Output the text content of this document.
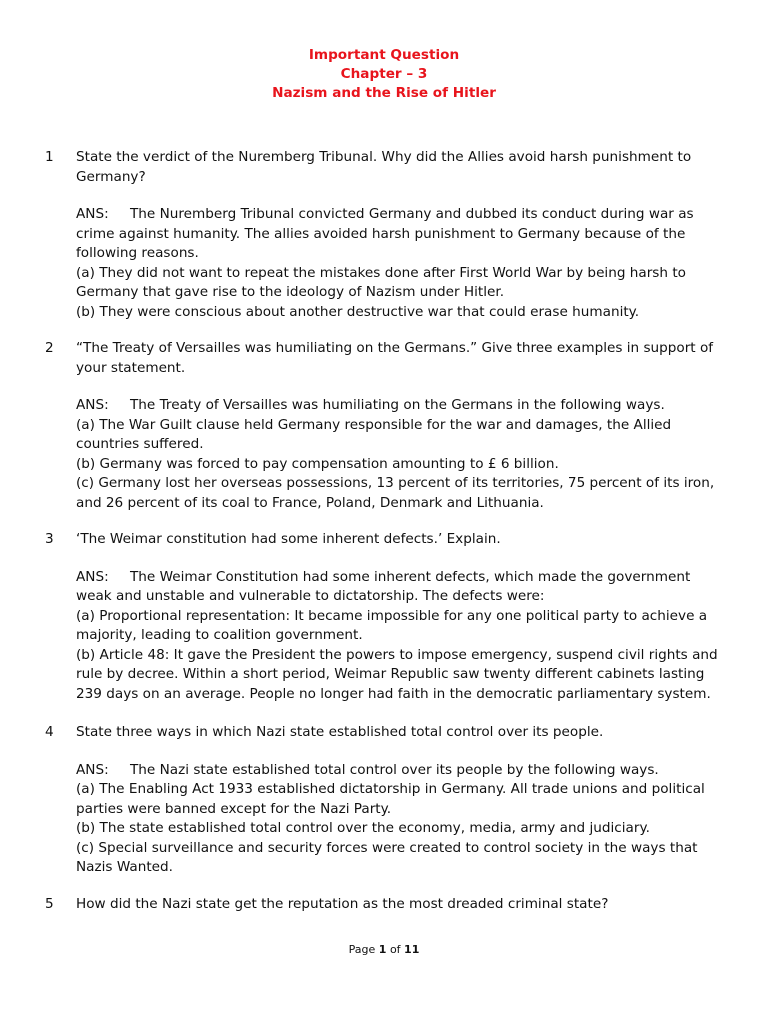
Important Question
Chapter – 3
Nazism and the Rise of Hitler
1 State the verdict of the Nuremberg Tribunal. Why did the Allies avoid harsh punishment to
Germany?
ANS: The Nuremberg Tribunal convicted Germany and dubbed its conduct during war as
crime against humanity. The allies avoided harsh punishment to Germany because of the
following reasons.
(a) They did not want to repeat the mistakes done after First World War by being harsh to
Germany that gave rise to the ideology of Nazism under Hitler.
(b) They were conscious about another destructive war that could erase humanity.
2 “The Treaty of Versailles was humiliating on the Germans.” Give three examples in support of
your statement.
ANS: The Treaty of Versailles was humiliating on the Germans in the following ways.
(a) The War Guilt clause held Germany responsible for the war and damages, the Allied
countries suffered.
(b) Germany was forced to pay compensation amounting to £ 6 billion.
(c) Germany lost her overseas possessions, 13 percent of its territories, 75 percent of its iron,
and 26 percent of its coal to France, Poland, Denmark and Lithuania.
3 ‘The Weimar constitution had some inherent defects.’ Explain.
ANS: The Weimar Constitution had some inherent defects, which made the government
weak and unstable and vulnerable to dictatorship. The defects were:
(a) Proportional representation: It became impossible for any one political party to achieve a
majority, leading to coalition government.
(b) Article 48: It gave the President the powers to impose emergency, suspend civil rights and
rule by decree. Within a short period, Weimar Republic saw twenty different cabinets lasting
239 days on an average. People no longer had faith in the democratic parliamentary system.
4 State three ways in which Nazi state established total control over its people.
ANS: The Nazi state established total control over its people by the following ways.
(a) The Enabling Act 1933 established dictatorship in Germany. All trade unions and political
parties were banned except for the Nazi Party.
(b) The state established total control over the economy, media, army and judiciary.
(c) Special surveillance and security forces were created to control society in the ways that
Nazis Wanted.
5 How did the Nazi state get the reputation as the most dreaded criminal state?
Page 1 of 11
